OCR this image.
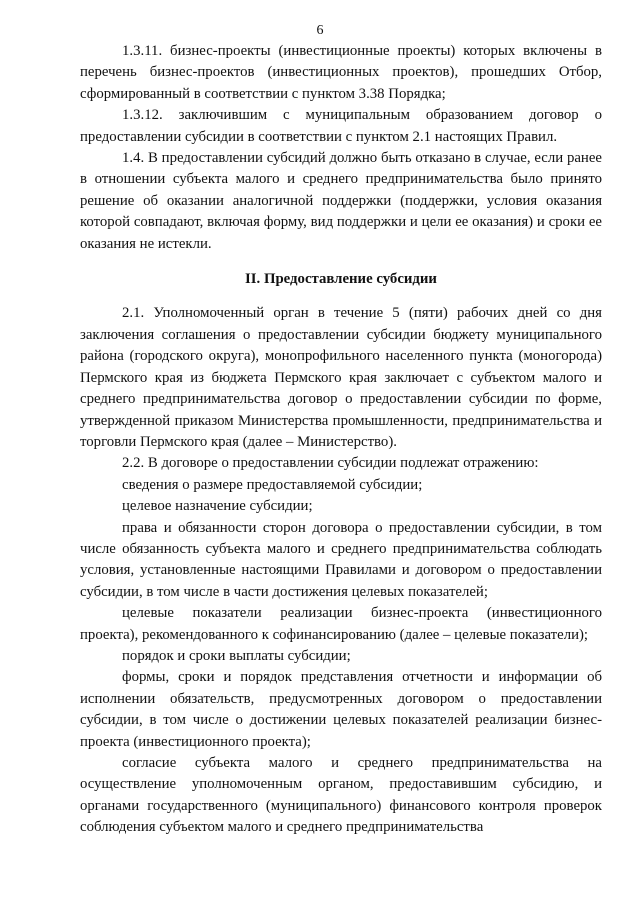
6

1.3.11. бизнес-проекты (инвестиционные проекты) которых включены в перечень бизнес-проектов (инвестиционных проектов), прошедших Отбор, сформированный в соответствии с пунктом 3.38 Порядка;

1.3.12. заключившим с муниципальным образованием договор о предоставлении субсидии в соответствии с пунктом 2.1 настоящих Правил.

1.4. В предоставлении субсидий должно быть отказано в случае, если ранее в отношении субъекта малого и среднего предпринимательства было принято решение об оказании аналогичной поддержки (поддержки, условия оказания которой совпадают, включая форму, вид поддержки и цели ее оказания) и сроки ее оказания не истекли.

II. Предоставление субсидии

2.1. Уполномоченный орган в течение 5 (пяти) рабочих дней со дня заключения соглашения о предоставлении субсидии бюджету муниципального района (городского округа), монопрофильного населенного пункта (моногорода) Пермского края из бюджета Пермского края заключает с субъектом малого и среднего предпринимательства договор о предоставлении субсидии по форме, утвержденной приказом Министерства промышленности, предпринимательства и торговли Пермского края (далее – Министерство).

2.2. В договоре о предоставлении субсидии подлежат отражению:

сведения о размере предоставляемой субсидии;

целевое назначение субсидии;

права и обязанности сторон договора о предоставлении субсидии, в том числе обязанность субъекта малого и среднего предпринимательства соблюдать условия, установленные настоящими Правилами и договором о предоставлении субсидии, в том числе в части достижения целевых показателей;

целевые показатели реализации бизнес-проекта (инвестиционного проекта), рекомендованного к софинансированию (далее – целевые показатели);

порядок и сроки выплаты субсидии;

формы, сроки и порядок представления отчетности и информации об исполнении обязательств, предусмотренных договором о предоставлении субсидии, в том числе о достижении целевых показателей реализации бизнес-проекта (инвестиционного проекта);

согласие субъекта малого и среднего предпринимательства на осуществление уполномоченным органом, предоставившим субсидию, и органами государственного (муниципального) финансового контроля проверок соблюдения субъектом малого и среднего предпринимательства
